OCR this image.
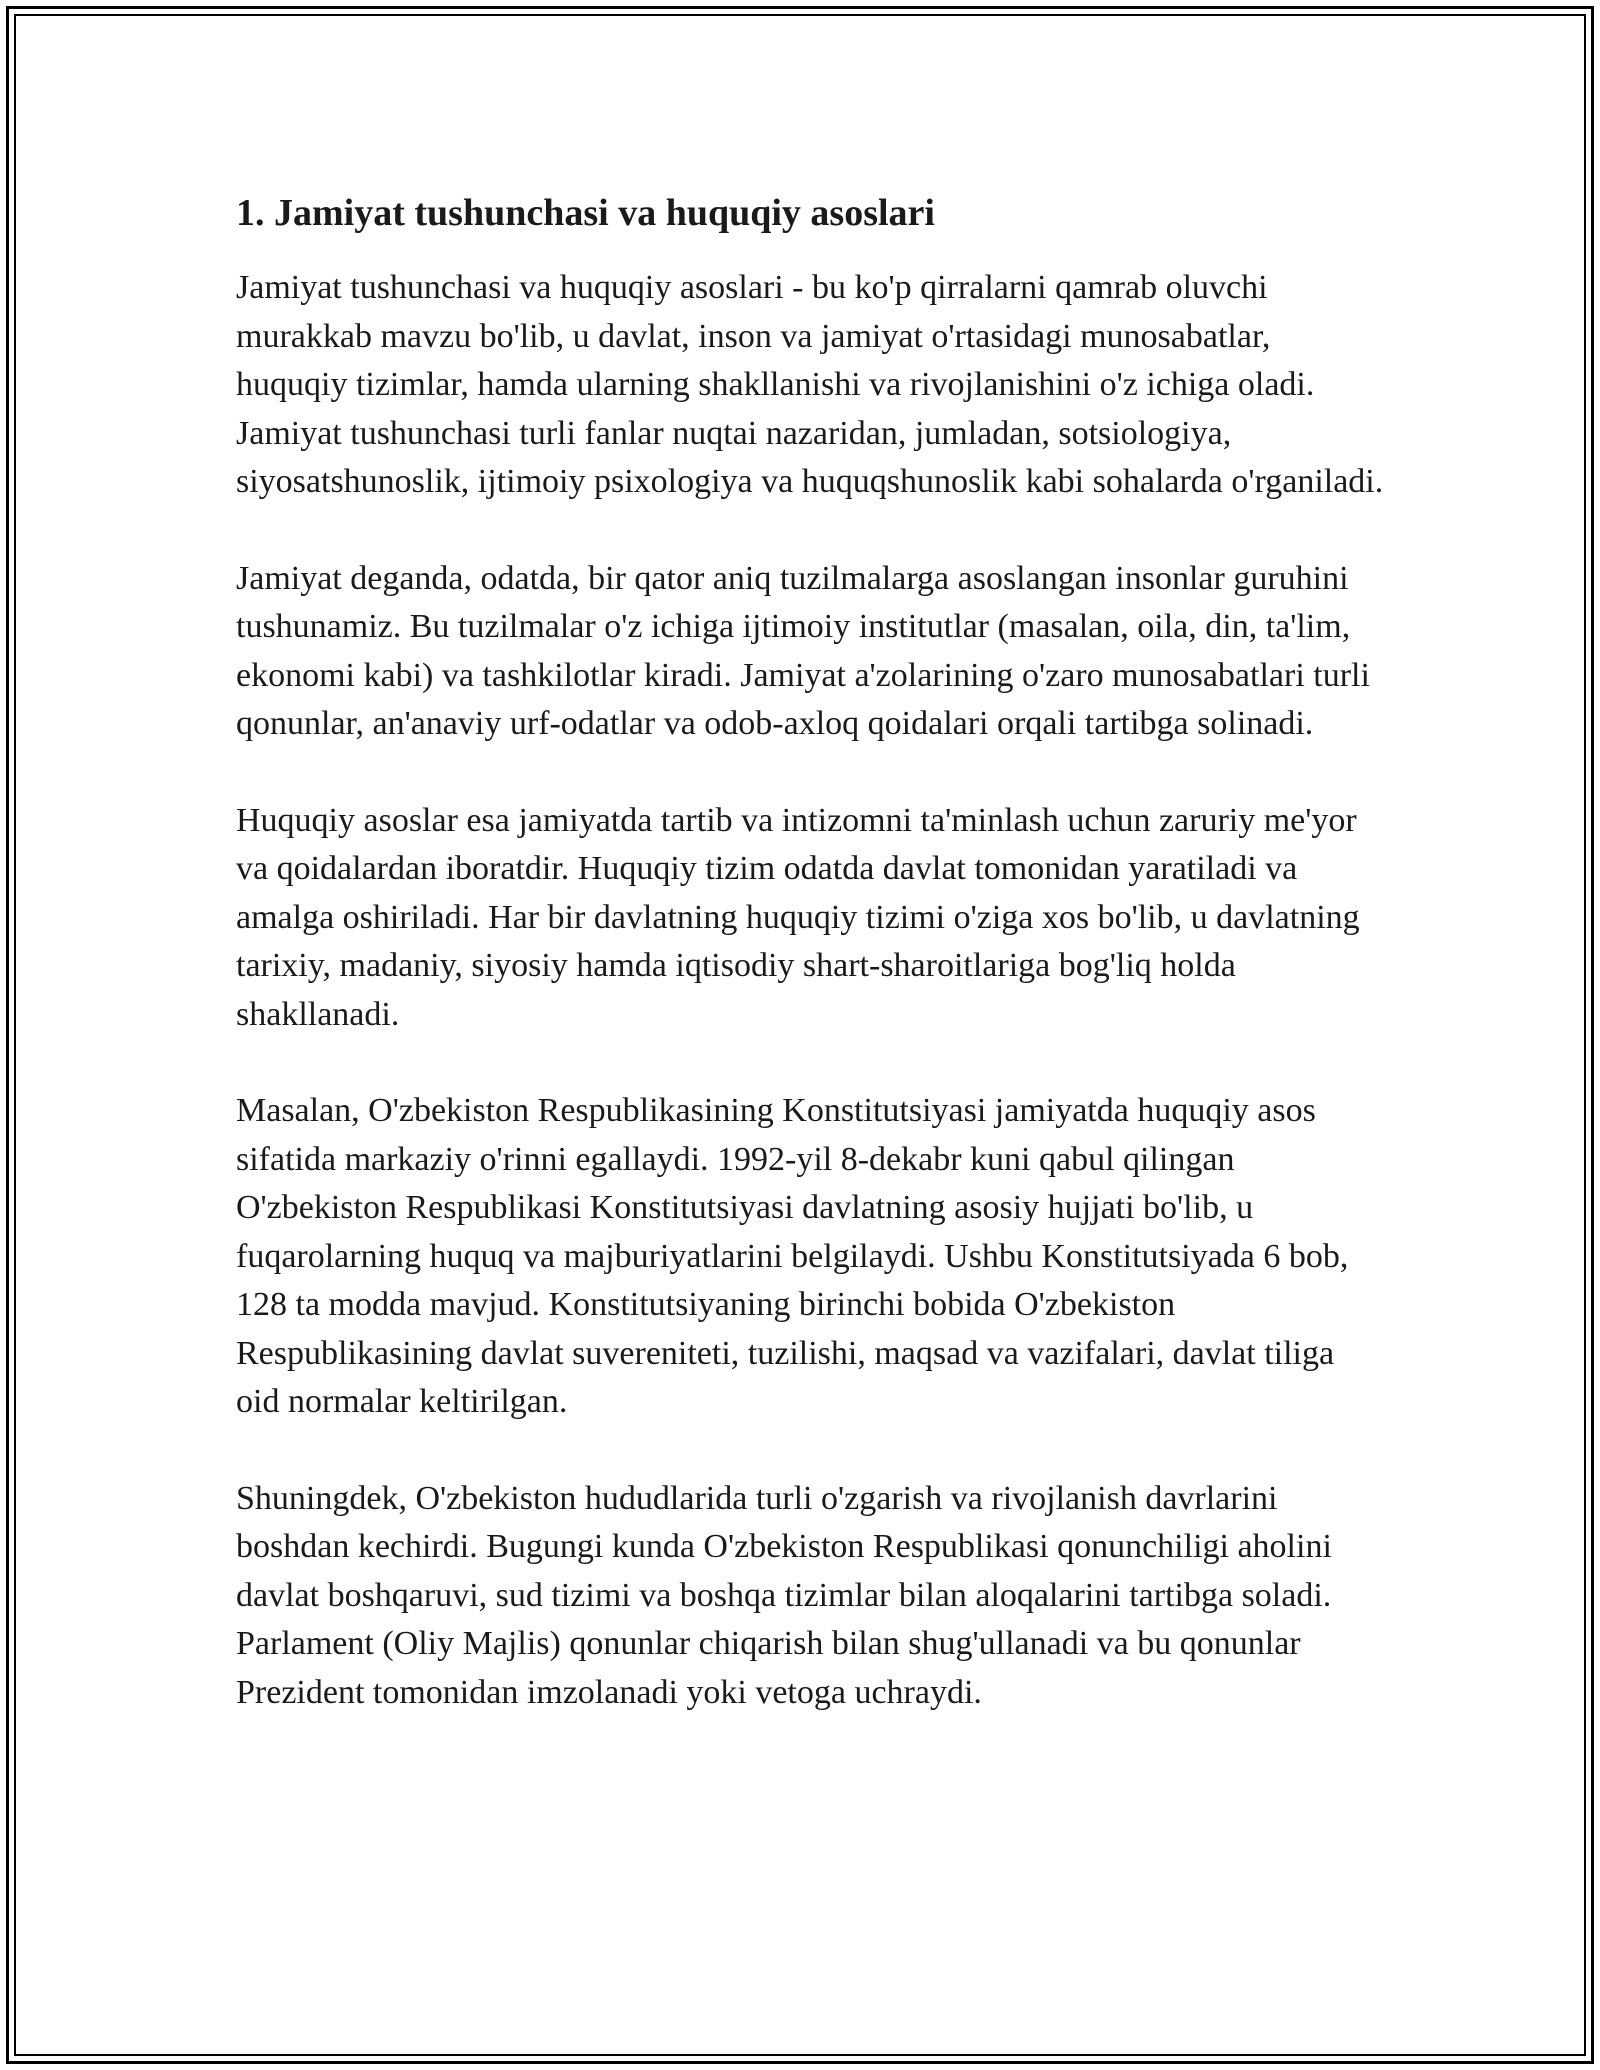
1. Jamiyat tushunchasi va huquqiy asoslari

Jamiyat tushunchasi va huquqiy asoslari - bu ko'p qirralarni qamrab oluvchi murakkab mavzu bo'lib, u davlat, inson va jamiyat o'rtasidagi munosabatlar, huquqiy tizimlar, hamda ularning shakllanishi va rivojlanishini o'z ichiga oladi. Jamiyat tushunchasi turli fanlar nuqtai nazaridan, jumladan, sotsiologiya, siyosatshunoslik, ijtimoiy psixologiya va huquqshunoslik kabi sohalarda o'rganiladi.

Jamiyat deganda, odatda, bir qator aniq tuzilmalarga asoslangan insonlar guruhini tushunamiz. Bu tuzilmalar o'z ichiga ijtimoiy institutlar (masalan, oila, din, ta'lim, ekonomi kabi) va tashkilotlar kiradi. Jamiyat a'zolarining o'zaro munosabatlari turli qonunlar, an'anaviy urf-odatlar va odob-axloq qoidalari orqali tartibga solinadi.

Huquqiy asoslar esa jamiyatda tartib va intizomni ta'minlash uchun zaruriy me'yor va qoidalardan iboratdir. Huquqiy tizim odatda davlat tomonidan yaratiladi va amalga oshiriladi. Har bir davlatning huquqiy tizimi o'ziga xos bo'lib, u davlatning tarixiy, madaniy, siyosiy hamda iqtisodiy shart-sharoitlariga bog'liq holda shakllanadi.

Masalan, O'zbekiston Respublikasining Konstitutsiyasi jamiyatda huquqiy asos sifatida markaziy o'rinni egallaydi. 1992-yil 8-dekabr kuni qabul qilingan O'zbekiston Respublikasi Konstitutsiyasi davlatning asosiy hujjati bo'lib, u fuqarolarning huquq va majburiyatlarini belgilaydi. Ushbu Konstitutsiyada 6 bob, 128 ta modda mavjud. Konstitutsiyaning birinchi bobida O'zbekiston Respublikasining davlat suvereniteti, tuzilishi, maqsad va vazifalari, davlat tiliga oid normalar keltirilgan.

Shuningdek, O'zbekiston hududlarida turli o'zgarish va rivojlanish davrlarini boshdan kechirdi. Bugungi kunda O'zbekiston Respublikasi qonunchiligi aholini davlat boshqaruvi, sud tizimi va boshqa tizimlar bilan aloqalarini tartibga soladi. Parlament (Oliy Majlis) qonunlar chiqarish bilan shug'ullanadi va bu qonunlar Prezident tomonidan imzolanadi yoki vetoga uchraydi.
